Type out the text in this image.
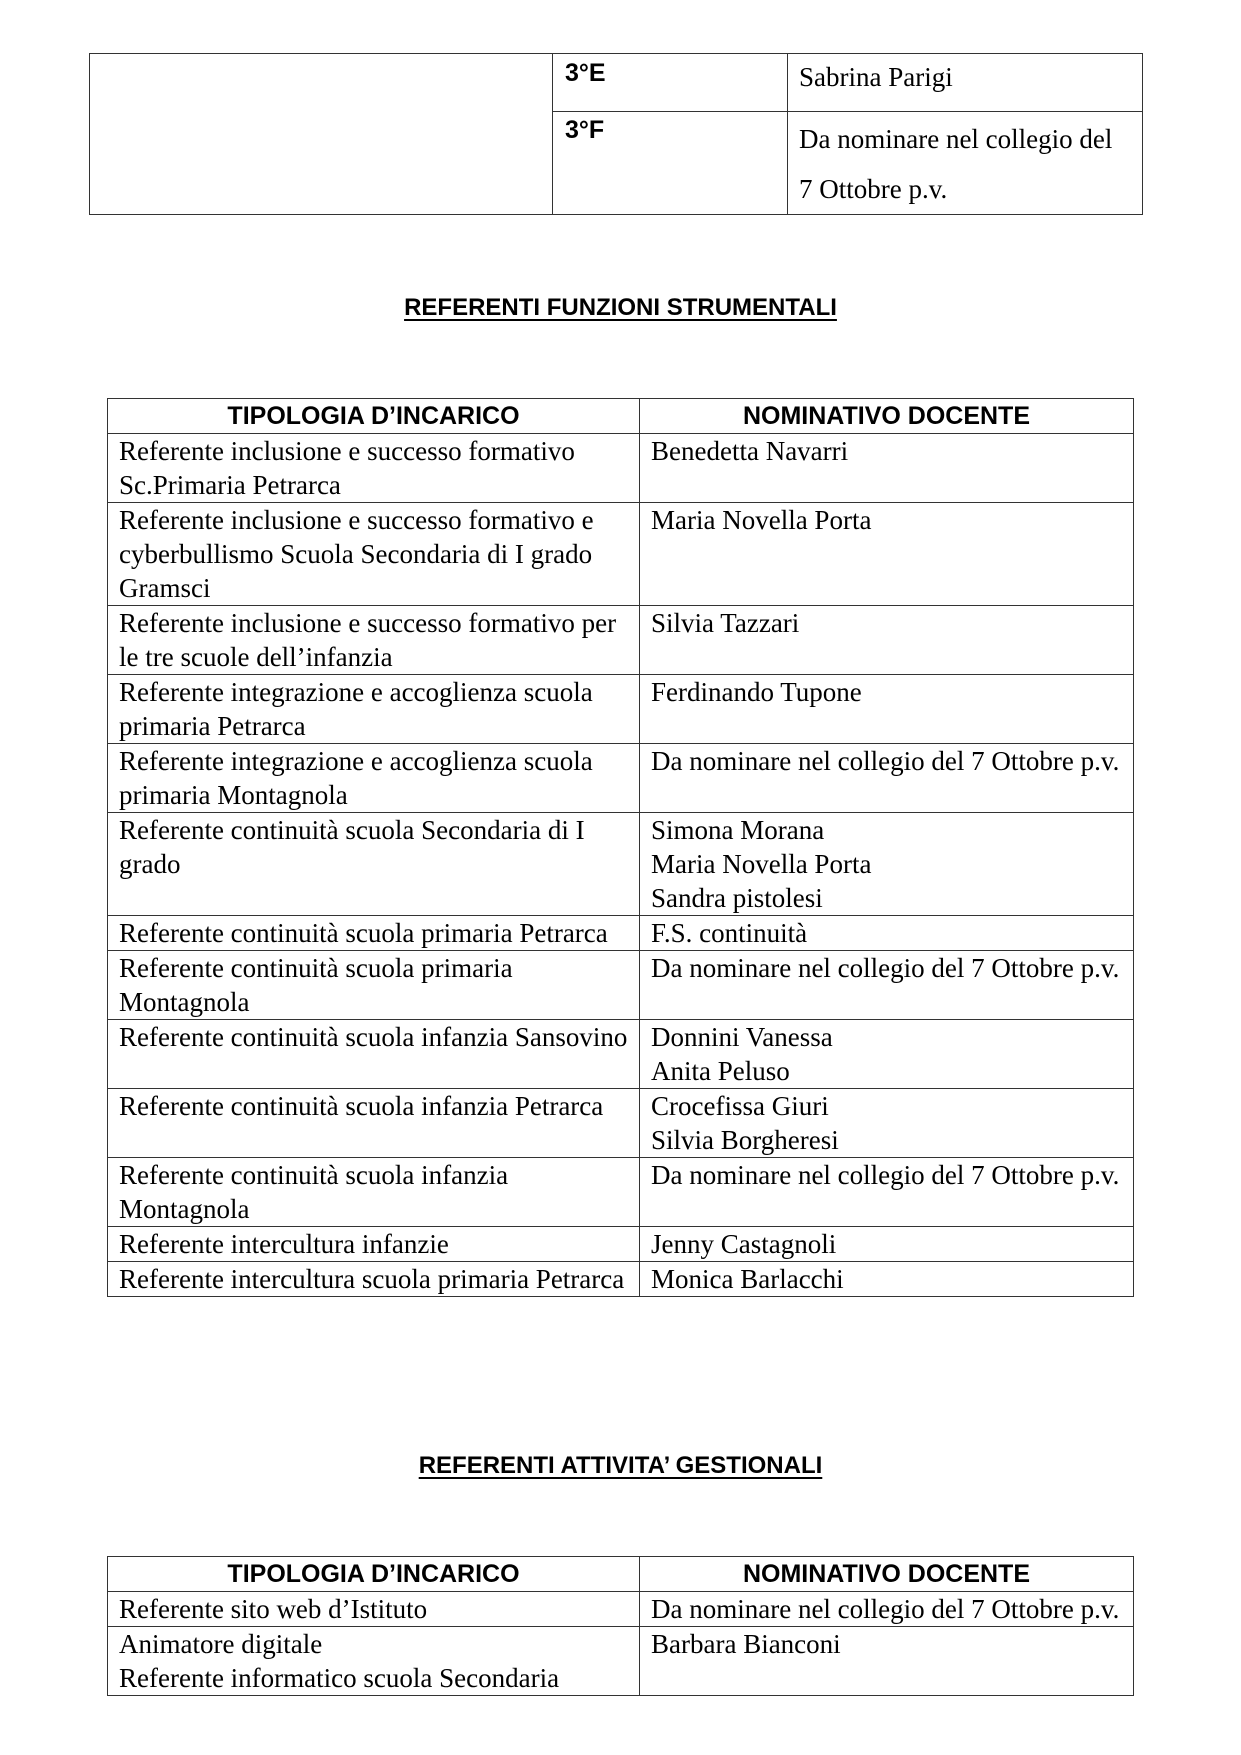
	3°E	Sabrina Parigi
	3°F	Da nominare nel collegio del 7 Ottobre p.v.
REFERENTI FUNZIONI STRUMENTALI
TIPOLOGIA D’INCARICO	NOMINATIVO DOCENTE

Referente inclusione e successo formativo Sc.Primaria Petrarca	Benedetta Navarri

Referente inclusione e successo formativo e cyberbullismo Scuola Secondaria di I grado Gramsci	Maria Novella Porta

Referente inclusione e successo formativo per le tre scuole dell’infanzia	Silvia Tazzari

Referente integrazione e accoglienza scuola primaria Petrarca	Ferdinando Tupone

Referente integrazione e accoglienza scuola primaria Montagnola	Da nominare nel collegio del 7 Ottobre p.v.

Referente continuità scuola Secondaria di I grado	Simona Morana
Maria Novella Porta
Sandra pistolesi

Referente continuità scuola primaria Petrarca	F.S. continuità

Referente continuità scuola primaria Montagnola	Da nominare nel collegio del 7 Ottobre p.v.

Referente continuità scuola infanzia Sansovino	Donnini Vanessa
Anita Peluso

Referente continuità scuola infanzia Petrarca	Crocefissa Giuri
Silvia Borgheresi

Referente continuità scuola infanzia Montagnola	Da nominare nel collegio del 7 Ottobre p.v.

Referente intercultura infanzie	Jenny Castagnoli

Referente intercultura scuola primaria Petrarca	Monica Barlacchi
REFERENTI ATTIVITA’ GESTIONALI
TIPOLOGIA D’INCARICO	NOMINATIVO DOCENTE

Referente sito web d’Istituto	Da nominare nel collegio del 7 Ottobre p.v.

Animatore digitale
Referente informatico scuola Secondaria	Barbara Bianconi
